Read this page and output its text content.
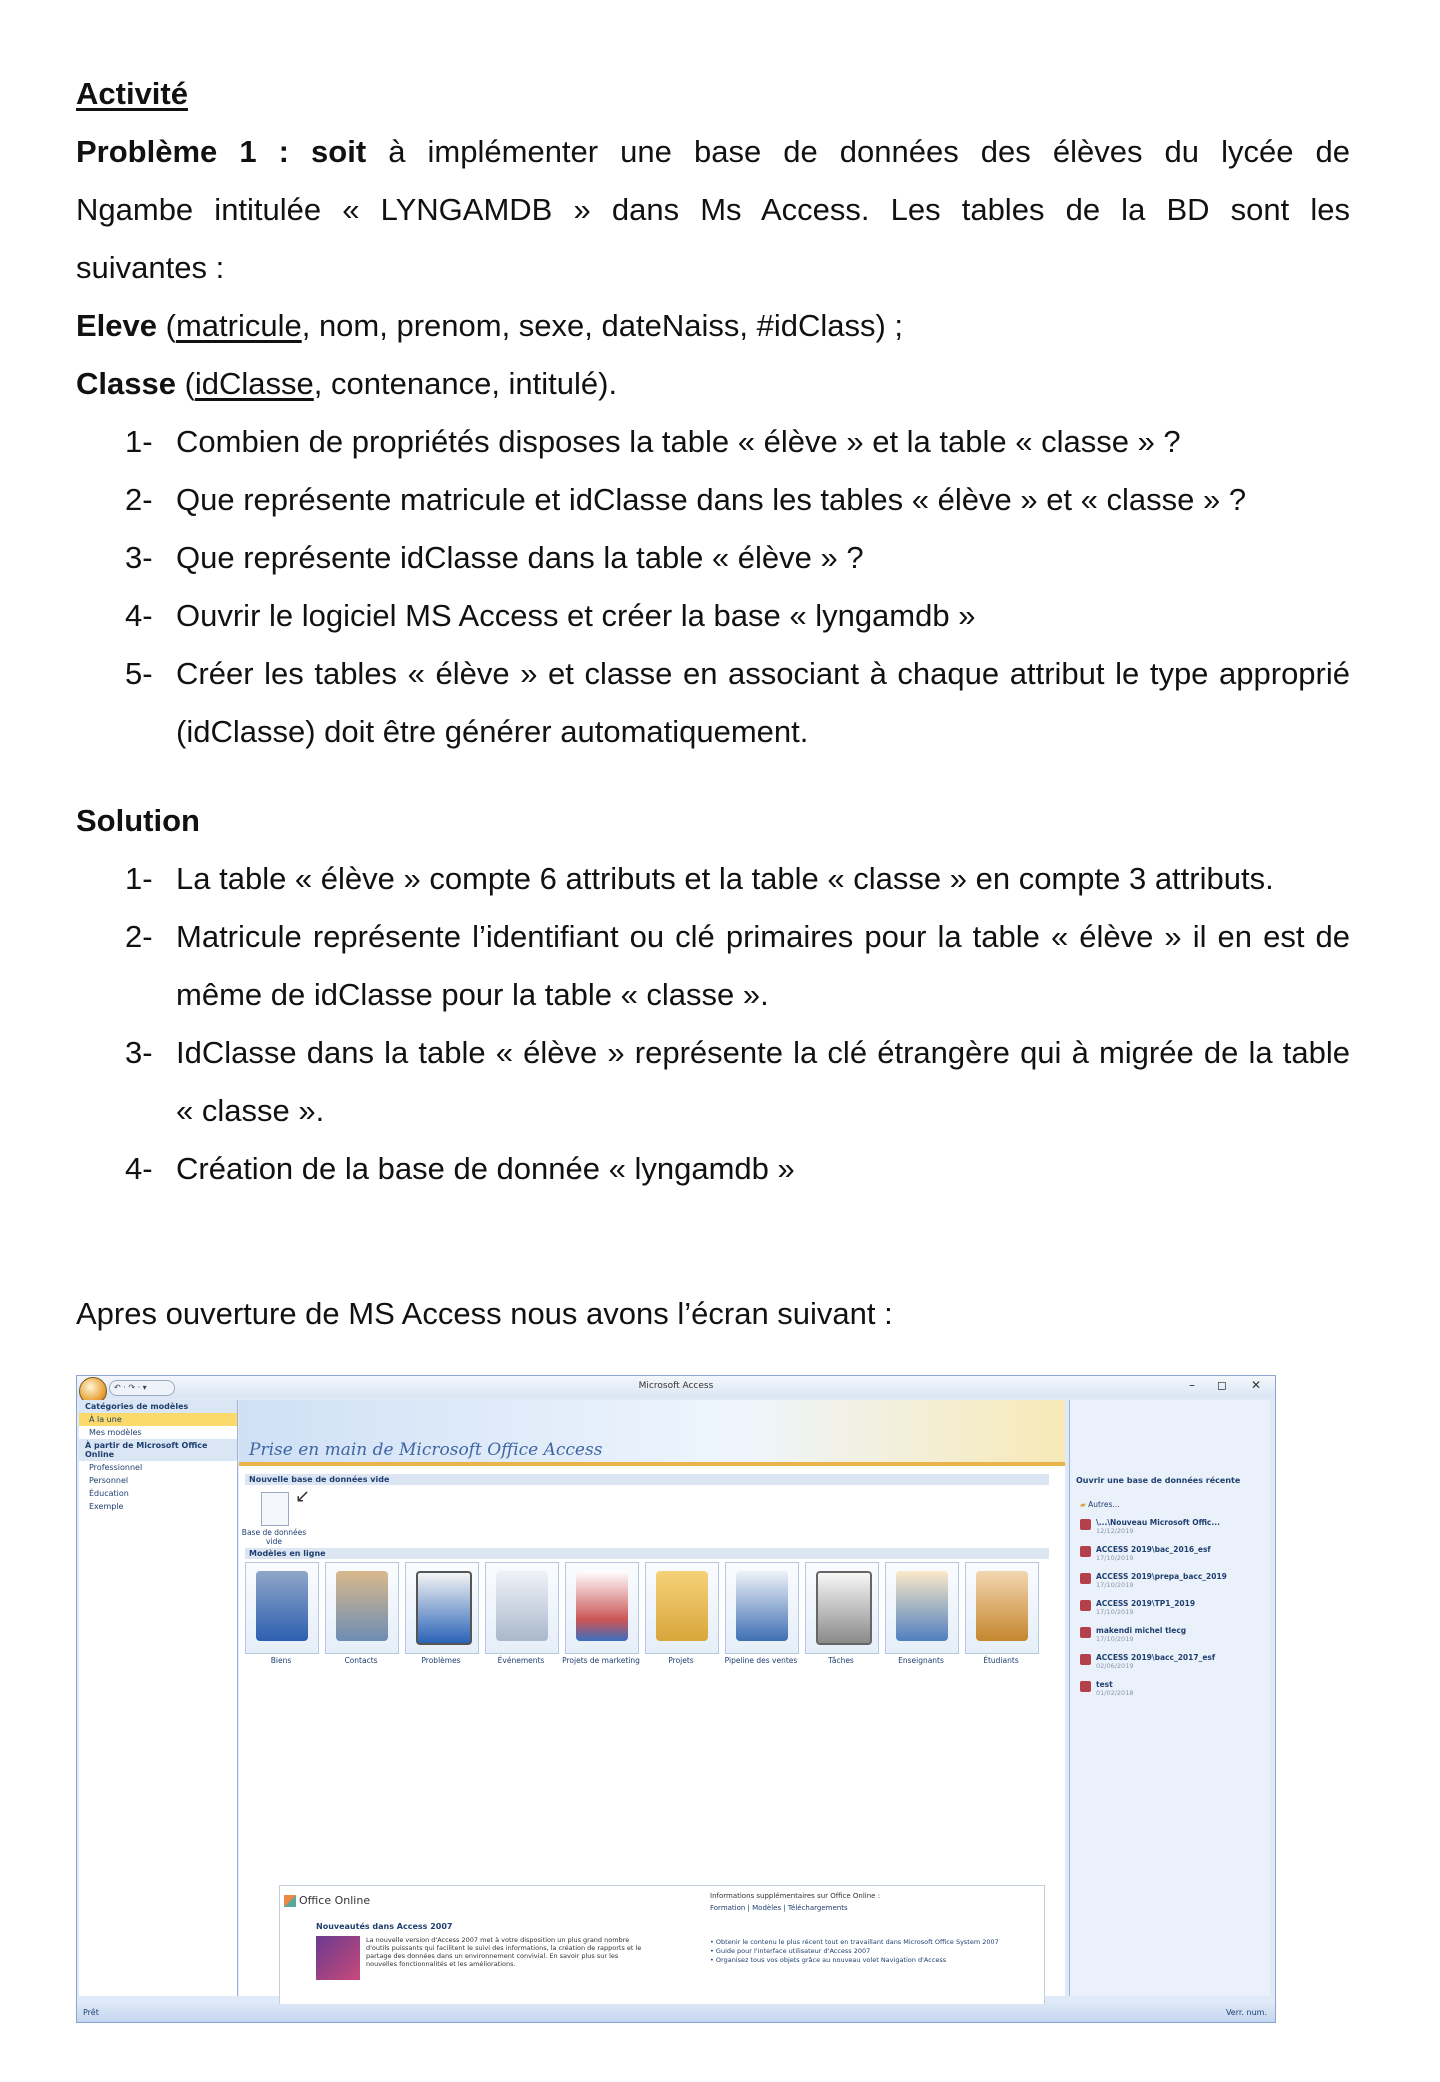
Activité

Problème 1 : soit à implémenter une base de données des élèves du lycée de

Ngambe intitulée « LYNGAMDB » dans Ms Access. Les tables de la BD sont les

suivantes :

Eleve (matricule, nom, prenom, sexe, dateNaiss, #idClass) ;

Classe (idClasse, contenance, intitulé).

1- Combien de propriétés disposes la table « élève » et la table « classe » ?
2- Que représente matricule et idClasse dans les tables « élève » et « classe » ?
3- Que représente idClasse dans la table « élève » ?
4- Ouvrir le logiciel MS Access et créer la base « lyngamdb »
5- Créer les tables « élève » et classe en associant à chaque attribut le type approprié (idClasse) doit être générer automatiquement.

Solution

1- La table « élève » compte 6 attributs et la table « classe » en compte 3 attributs.
2- Matricule représente l’identifiant ou clé primaires pour la table « élève » il en est de même de idClasse pour la table « classe ».
3- IdClasse dans la table « élève » représente la clé étrangère qui à migrée de la table « classe ».
4- Création de la base de donnée « lyngamdb »

Apres ouverture de MS Access nous avons l’écran suivant :

↶ · ↷ · ▾	Microsoft Access	– ◻ ✕
Catégories de modèles
À la une
Mes modèles
À partir de Microsoft Office Online
Professionnel
Personnel
Éducation
Exemple
Prise en main de Microsoft Office Access
Nouvelle base de données vide
↙
Base de données vide
Modèles en ligne
Biens	Contacts	Problèmes	Événements	Projets de marketing	Projets	Pipeline des ventes	Tâches	Enseignants	Étudiants
Office Online
Nouveautés dans Access 2007
La nouvelle version d'Access 2007 met à votre disposition un plus grand nombre d'outils puissants qui facilitent le suivi des informations, la création de rapports et le partage des données dans un environnement convivial. En savoir plus sur les nouvelles fonctionnalités et les améliorations.
Informations supplémentaires sur Office Online :
Formation | Modèles | Téléchargements
• Obtenir le contenu le plus récent tout en travaillant dans Microsoft Office System 2007
• Guide pour l'interface utilisateur d'Access 2007
• Organisez tous vos objets grâce au nouveau volet Navigation d'Access
Ouvrir une base de données récente
▰ Autres...
\...\Nouveau Microsoft Offic...
12/12/2019
ACCESS 2019\bac_2016_esf
17/10/2019
ACCESS 2019\prepa_bacc_2019
17/10/2019
ACCESS 2019\TP1_2019
17/10/2019
makendi michel tlecg
17/10/2019
ACCESS 2019\bacc_2017_esf
02/06/2019
test
01/02/2018
Prêt	Verr. num.
